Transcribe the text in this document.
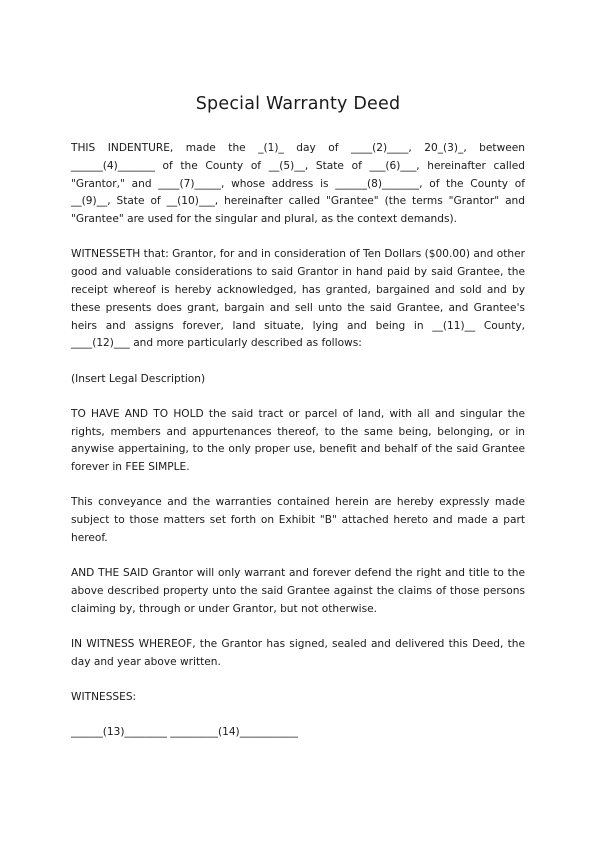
Special Warranty Deed

THIS INDENTURE, made the _(1)_ day of ____(2)____, 20_(3)_, between ______(4)_______ of the County of __(5)__, State of ___(6)___, hereinafter called "Grantor," and ____(7)_____, whose address is ______(8)_______, of the County of __(9)__, State of __(10)___, hereinafter called "Grantee" (the terms "Grantor" and "Grantee" are used for the singular and plural, as the context demands).

WITNESSETH that: Grantor, for and in consideration of Ten Dollars ($00.00) and other good and valuable considerations to said Grantor in hand paid by said Grantee, the receipt whereof is hereby acknowledged, has granted, bargained and sold and by these presents does grant, bargain and sell unto the said Grantee, and Grantee's heirs and assigns forever, land situate, lying and being in __(11)__ County, ____(12)___ and more particularly described as follows:

(Insert Legal Description)

TO HAVE AND TO HOLD the said tract or parcel of land, with all and singular the rights, members and appurtenances thereof, to the same being, belonging, or in anywise appertaining, to the only proper use, benefit and behalf of the said Grantee forever in FEE SIMPLE.

This conveyance and the warranties contained herein are hereby expressly made subject to those matters set forth on Exhibit "B" attached hereto and made a part hereof.

AND THE SAID Grantor will only warrant and forever defend the right and title to the above described property unto the said Grantee against the claims of those persons claiming by, through or under Grantor, but not otherwise.

IN WITNESS WHEREOF, the Grantor has signed, sealed and delivered this Deed, the day and year above written.

WITNESSES:

______(13)________ _________(14)___________
